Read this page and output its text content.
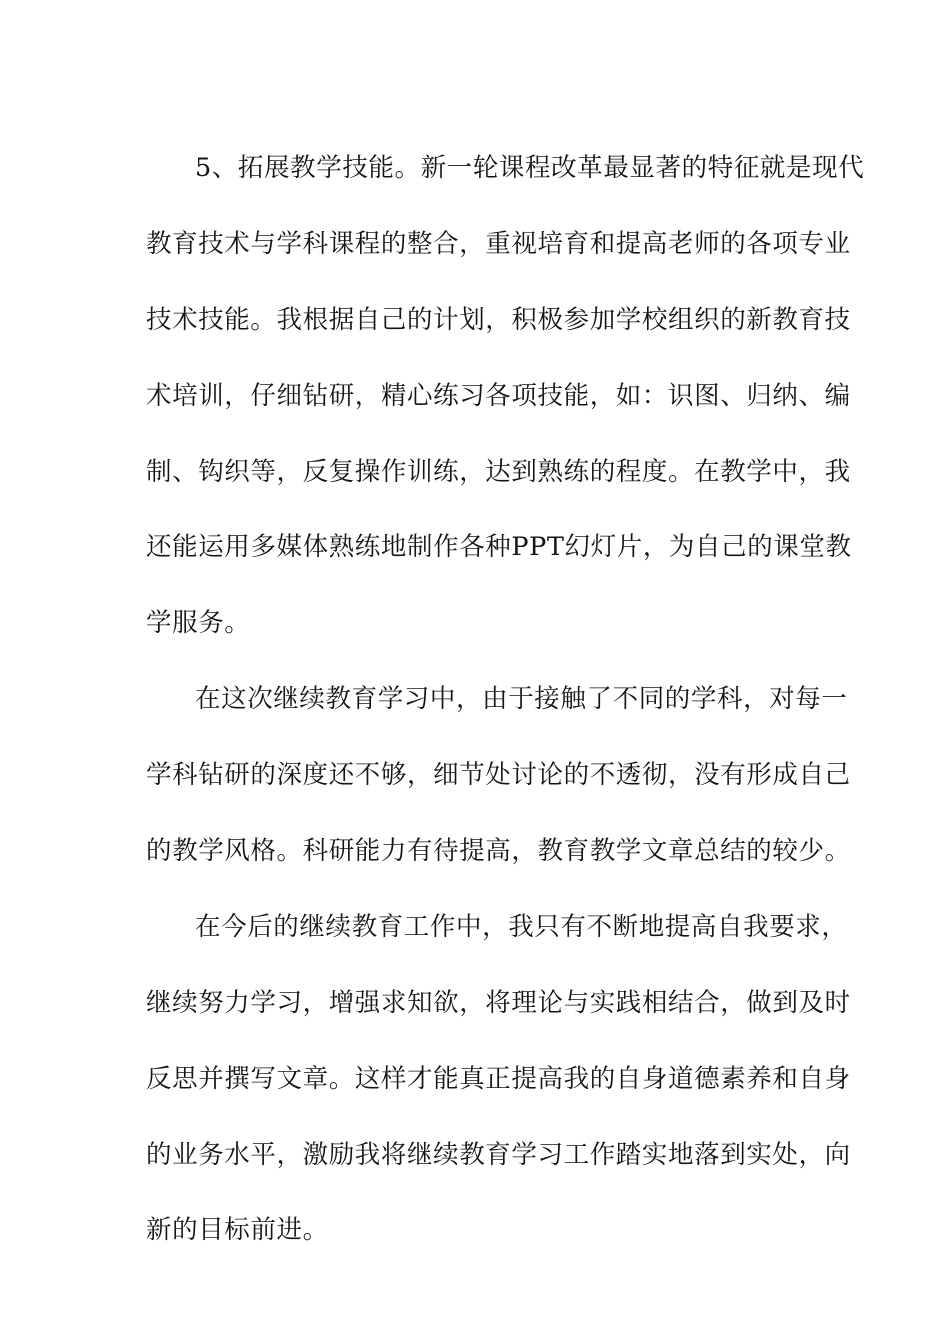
5、拓展教学技能。新一轮课程改革最显著的特征就是现代
教育技术与学科课程的整合，重视培育和提高老师的各项专业
技术技能。我根据自己的计划，积极参加学校组织的新教育技
术培训，仔细钻研，精心练习各项技能，如：识图、归纳、编
制、钩织等，反复操作训练，达到熟练的程度。在教学中，我
还能运用多媒体熟练地制作各种PPT幻灯片，为自己的课堂教
学服务。
在这次继续教育学习中，由于接触了不同的学科，对每一
学科钻研的深度还不够，细节处讨论的不透彻，没有形成自己
的教学风格。科研能力有待提高，教育教学文章总结的较少。
在今后的继续教育工作中，我只有不断地提高自我要求，
继续努力学习，增强求知欲，将理论与实践相结合，做到及时
反思并撰写文章。这样才能真正提高我的自身道德素养和自身
的业务水平，激励我将继续教育学习工作踏实地落到实处，向
新的目标前进。
